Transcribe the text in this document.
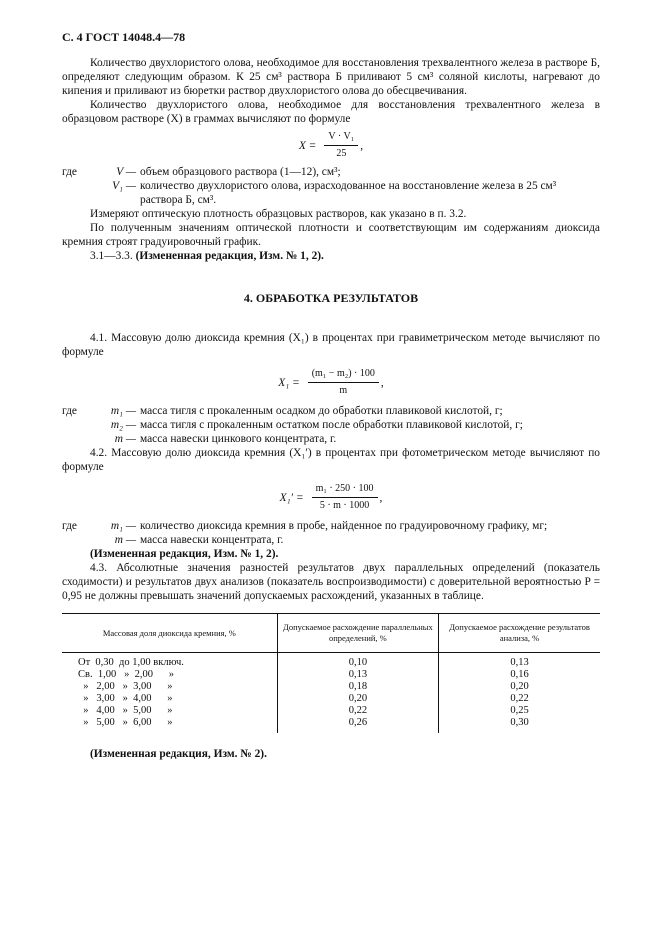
С. 4 ГОСТ 14048.4—78

Количество двухлористого олова, необходимое для восстановления трехвалентного железа в растворе Б, определяют следующим образом. К 25 см³ раствора Б приливают 5 см³ соляной кислоты, нагревают до кипения и приливают из бюретки раствор двухлористого олова до обесцвечивания.

Количество двухлористого олова, необходимое для восстановления трехвалентного железа в образцовом растворе (X) в граммах вычисляют по формуле

$X = \frac{\text{V · V₁}}{25}$ ,
где	V — объем образцового раствора (1—12), см³;
V₁ — количество двухлористого олова, израсходованное на восстановление железа в 25 см³ раствора Б, см³.

Измеряют оптическую плотность образцовых растворов, как указано в п. 3.2.

По полученным значениям оптической плотности и соответствующим им содержаниям диоксида кремния строят градуировочный график.

3.1—3.3. (Измененная редакция, Изм. № 1, 2).

4. ОБРАБОТКА РЕЗУЛЬТАТОВ

4.1. Массовую долю диоксида кремния (X₁) в процентах при гравиметрическом методе вычисляют по формуле

$X_1 = \frac{\text{(m₁ − m₂) · 100}}{m}$ ,
где	m₁ — масса тигля с прокаленным осадком до обработки плавиковой кислотой, г;
m₂ — масса тигля с прокаленным остатком после обработки плавиковой кислотой, г;
m — масса навески цинкового концентрата, г.

4.2. Массовую долю диоксида кремния (X₁′) в процентах при фотометрическом методе вычисляют по формуле

$X_1' = \frac{\text{m₁ · 250 · 100}}{5 \cdot m \cdot 1000}$ ,
где	m₁ — количество диоксида кремния в пробе, найденное по градуировочному графику, мг;
m — масса навески концентрата, г.

(Измененная редакция, Изм. № 1, 2).

4.3. Абсолютные значения разностей результатов двух параллельных определений (показатель сходимости) и результатов двух анализов (показатель воспроизводимости) с доверительной вероятностью P = 0,95 не должны превышать значений допускаемых расхождений, указанных в таблице.

Массовая доля диоксида кремния, %	Допускаемое расхождение параллельных определений, %	Допускаемое расхождение результатов анализа, %
От  0,30  до 1,00 включ.	0,10	0,13
Св.  1,00   »  2,00      »	0,13	0,16
»   2,00   »  3,00      »	0,18	0,20
»   3,00   »  4,00      »	0,20	0,22
»   4,00   »  5,00      »	0,22	0,25
»   5,00   »  6,00      »	0,26	0,30
(Измененная редакция, Изм. № 2).
